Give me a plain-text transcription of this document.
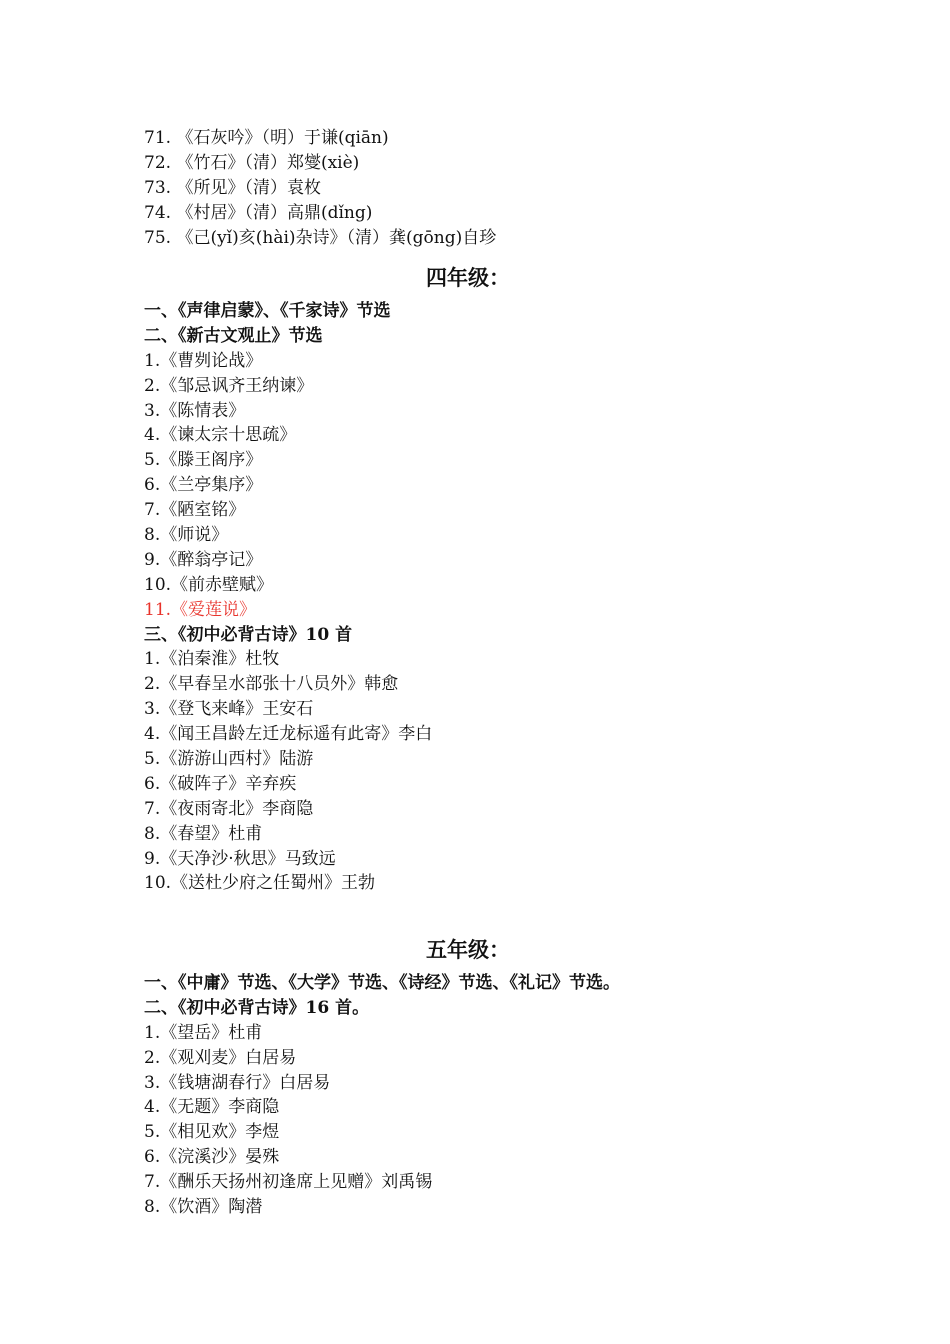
71. 《石灰吟》（明）于谦(qiān)
72. 《竹石》（清）郑燮(xiè)
73. 《所见》（清）袁枚
74. 《村居》（清）高鼎(dǐng)
75. 《己(yǐ)亥(hài)杂诗》（清）龚(gōng)自珍
四年级：
一、《声律启蒙》、《千家诗》节选
二、《新古文观止》节选
1.《曹刿论战》
2.《邹忌讽齐王纳谏》
3.《陈情表》
4.《谏太宗十思疏》
5.《滕王阁序》
6.《兰亭集序》
7.《陋室铭》
8.《师说》
9.《醉翁亭记》
10.《前赤壁赋》
11.《爱莲说》
三、《初中必背古诗》10 首
1.《泊秦淮》杜牧
2.《早春呈水部张十八员外》韩愈
3.《登飞来峰》王安石
4.《闻王昌龄左迁龙标遥有此寄》李白
5.《游游山西村》陆游
6.《破阵子》辛弃疾
7.《夜雨寄北》李商隐
8.《春望》杜甫
9.《天净沙·秋思》马致远
10.《送杜少府之任蜀州》王勃
五年级：
一、《中庸》节选、《大学》节选、《诗经》节选、《礼记》节选。
二、《初中必背古诗》16 首。
1.《望岳》杜甫
2.《观刈麦》白居易
3.《钱塘湖春行》白居易
4.《无题》李商隐
5.《相见欢》李煜
6.《浣溪沙》晏殊
7.《酬乐天扬州初逢席上见赠》刘禹锡
8.《饮酒》陶潜
